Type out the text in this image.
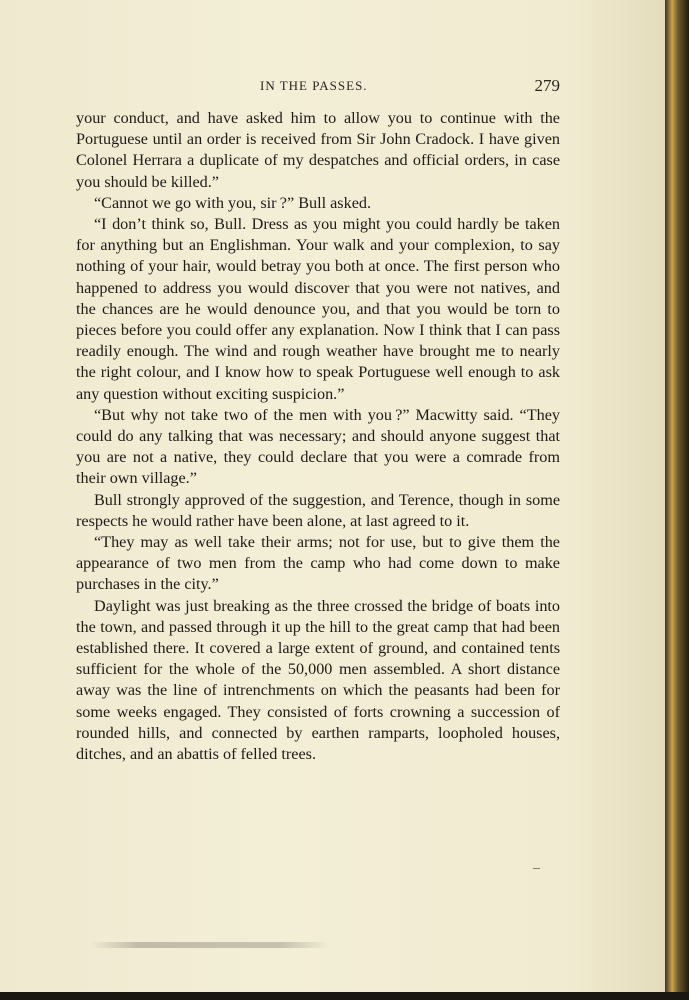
IN THE PASSES.	279

your conduct, and have asked him to allow you to continue with the Portuguese until an order is received from Sir John Cradock. I have given Colonel Herrara a duplicate of my despatches and official orders, in case you should be killed.”

“Cannot we go with you, sir ?” Bull asked.

“I don’t think so, Bull. Dress as you might you could hardly be taken for anything but an Englishman. Your walk and your complexion, to say nothing of your hair, would betray you both at once. The first person who happened to address you would discover that you were not natives, and the chances are he would denounce you, and that you would be torn to pieces before you could offer any explanation. Now I think that I can pass readily enough. The wind and rough weather have brought me to nearly the right colour, and I know how to speak Portuguese well enough to ask any question without exciting suspicion.”

“But why not take two of the men with you ?” Macwitty said. “They could do any talking that was necessary; and should anyone suggest that you are not a native, they could declare that you were a comrade from their own village.”

Bull strongly approved of the suggestion, and Terence, though in some respects he would rather have been alone, at last agreed to it.

“They may as well take their arms; not for use, but to give them the appearance of two men from the camp who had come down to make purchases in the city.”

Daylight was just breaking as the three crossed the bridge of boats into the town, and passed through it up the hill to the great camp that had been established there. It covered a large extent of ground, and contained tents sufficient for the whole of the 50,000 men assembled. A short distance away was the line of intrenchments on which the peasants had been for some weeks engaged. They consisted of forts crowning a succession of rounded hills, and connected by earthen ramparts, loopholed houses, ditches, and an abattis of felled trees.
